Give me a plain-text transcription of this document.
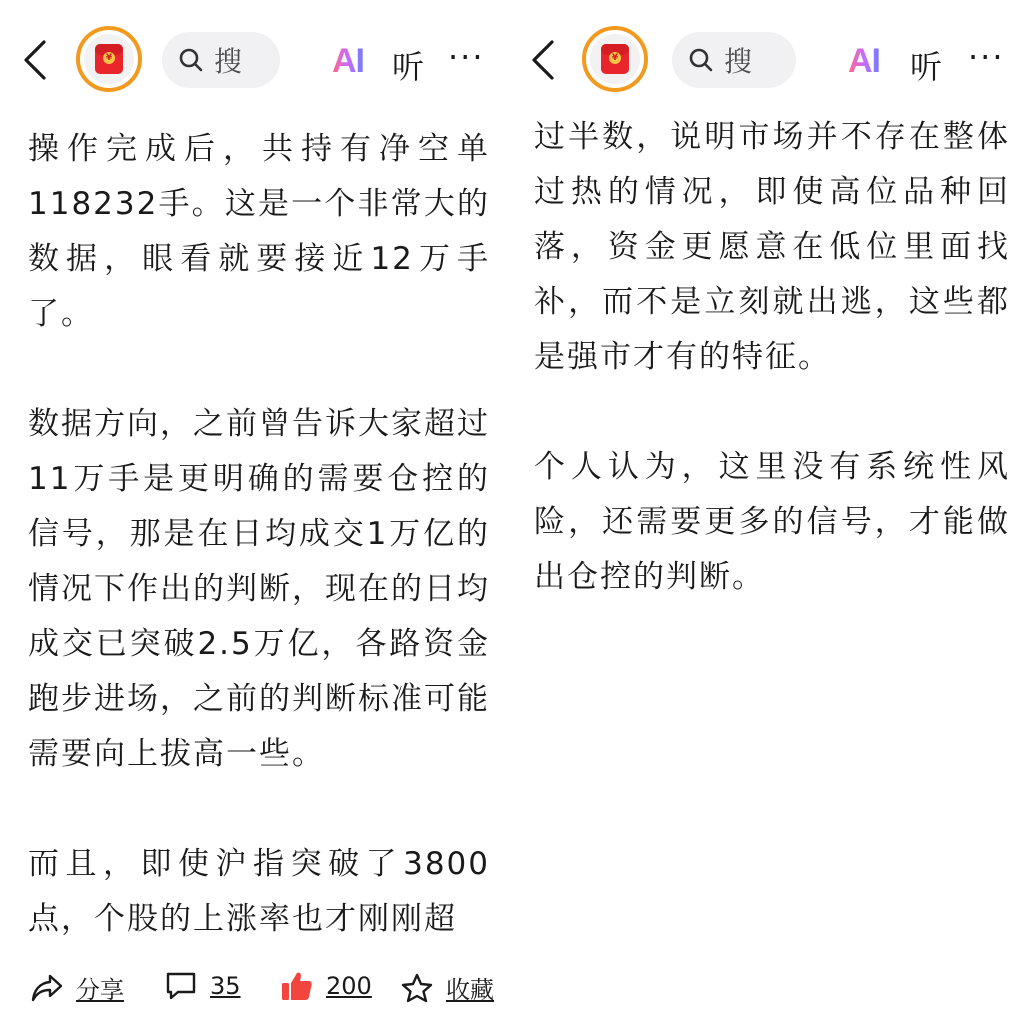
¥
搜	AI 听 ···

操作完成后，共持有净空单118232手。这是一个非常大的数据，眼看就要接近12万手了。

数据方向，之前曾告诉大家超过11万手是更明确的需要仓控的信号，那是在日均成交1万亿的情况下作出的判断，现在的日均成交已突破2.5万亿，各路资金跑步进场，之前的判断标准可能需要向上拔高一些。

而且，即使沪指突破了3800点，个股的上涨率也才刚刚超

分享	35	200	收藏
¥
搜	AI 听 ···

过半数，说明市场并不存在整体过热的情况，即使高位品种回落，资金更愿意在低位里面找补，而不是立刻就出逃，这些都是强市才有的特征。

个人认为，这里没有系统性风险，还需要更多的信号，才能做出仓控的判断。
